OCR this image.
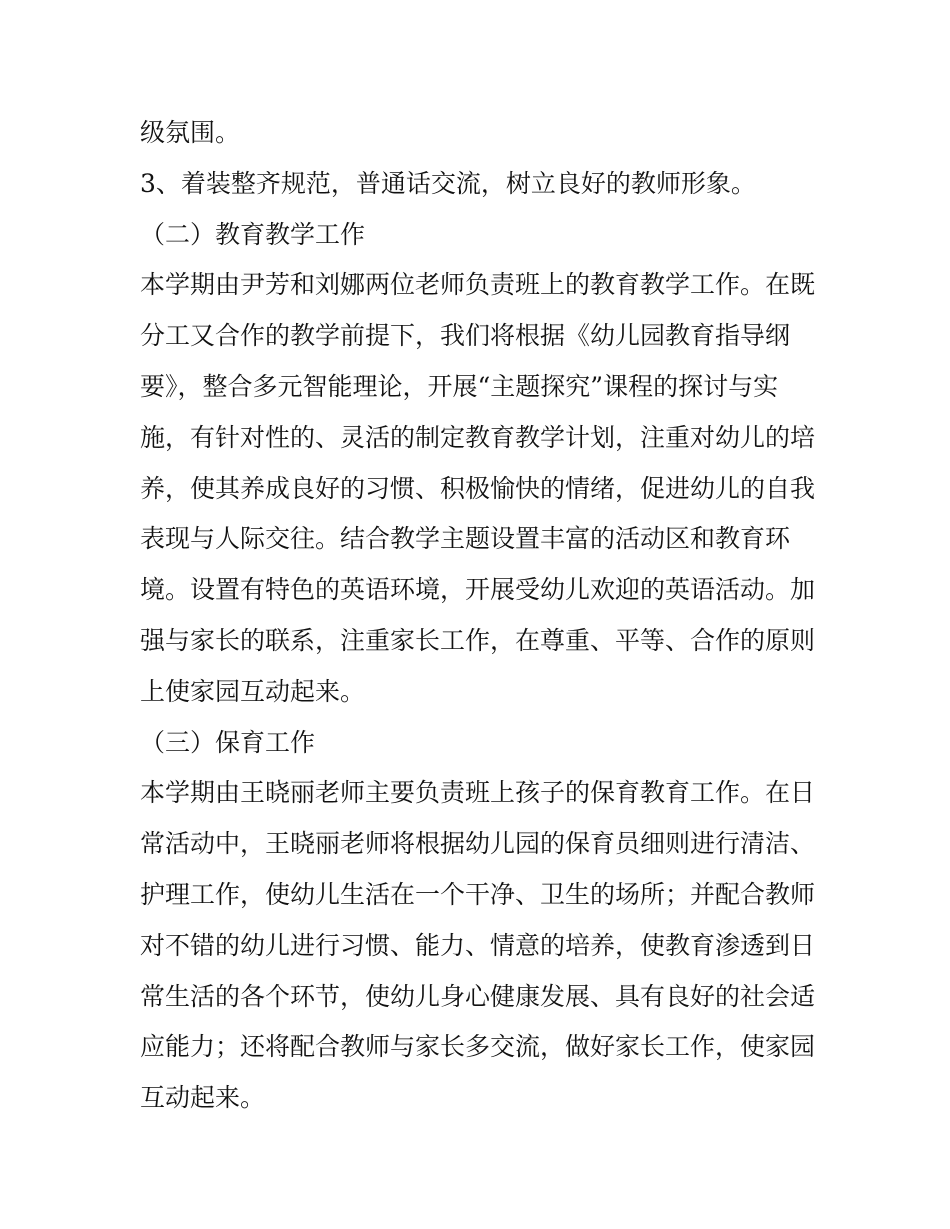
级氛围。
3、着装整齐规范，普通话交流，树立良好的教师形象。
（二）教育教学工作
本学期由尹芳和刘娜两位老师负责班上的教育教学工作。在既
分工又合作的教学前提下，我们将根据《幼儿园教育指导纲
要》，整合多元智能理论，开展“主题探究”课程的探讨与实
施，有针对性的、灵活的制定教育教学计划，注重对幼儿的培
养，使其养成良好的习惯、积极愉快的情绪，促进幼儿的自我
表现与人际交往。结合教学主题设置丰富的活动区和教育环
境。设置有特色的英语环境，开展受幼儿欢迎的英语活动。加
强与家长的联系，注重家长工作，在尊重、平等、合作的原则
上使家园互动起来。
（三）保育工作
本学期由王晓丽老师主要负责班上孩子的保育教育工作。在日
常活动中，王晓丽老师将根据幼儿园的保育员细则进行清洁、
护理工作，使幼儿生活在一个干净、卫生的场所；并配合教师
对不错的幼儿进行习惯、能力、情意的培养，使教育渗透到日
常生活的各个环节，使幼儿身心健康发展、具有良好的社会适
应能力；还将配合教师与家长多交流，做好家长工作，使家园
互动起来。
